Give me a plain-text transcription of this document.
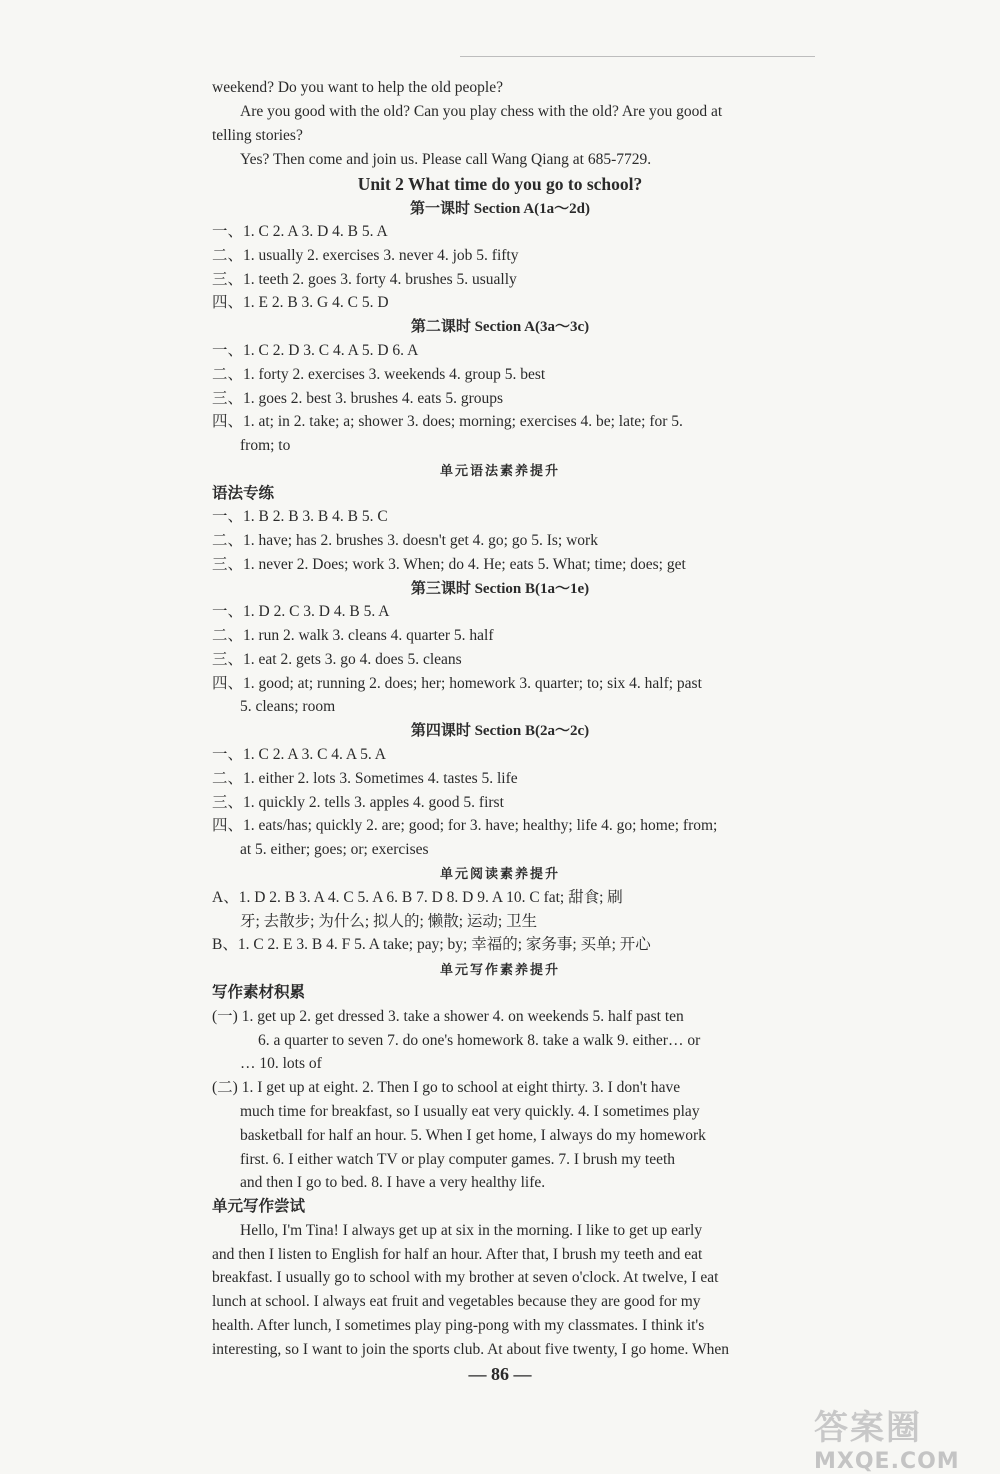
weekend? Do you want to help the old people?
Are you good with the old? Can you play chess with the old? Are you good at
telling stories?
Yes? Then come and join us. Please call Wang Qiang at 685-7729.
Unit 2 What time do you go to school?
第一课时 Section A(1a～2d)
一、1. C 2. A 3. D 4. B 5. A
二、1. usually 2. exercises 3. never 4. job 5. fifty
三、1. teeth 2. goes 3. forty 4. brushes 5. usually
四、1. E 2. B 3. G 4. C 5. D
第二课时 Section A(3a～3c)
一、1. C 2. D 3. C 4. A 5. D 6. A
二、1. forty 2. exercises 3. weekends 4. group 5. best
三、1. goes 2. best 3. brushes 4. eats 5. groups
四、1. at; in 2. take; a; shower 3. does; morning; exercises 4. be; late; for 5.
from; to
单元语法素养提升
语法专练
一、1. B 2. B 3. B 4. B 5. C
二、1. have; has 2. brushes 3. doesn't get 4. go; go 5. Is; work
三、1. never 2. Does; work 3. When; do 4. He; eats 5. What; time; does; get
第三课时 Section B(1a～1e)
一、1. D 2. C 3. D 4. B 5. A
二、1. run 2. walk 3. cleans 4. quarter 5. half
三、1. eat 2. gets 3. go 4. does 5. cleans
四、1. good; at; running 2. does; her; homework 3. quarter; to; six 4. half; past
5. cleans; room
第四课时 Section B(2a～2c)
一、1. C 2. A 3. C 4. A 5. A
二、1. either 2. lots 3. Sometimes 4. tastes 5. life
三、1. quickly 2. tells 3. apples 4. good 5. first
四、1. eats/has; quickly 2. are; good; for 3. have; healthy; life 4. go; home; from;
at 5. either; goes; or; exercises
单元阅读素养提升
A、1. D 2. B 3. A 4. C 5. A 6. B 7. D 8. D 9. A 10. C fat; 甜食; 刷
牙; 去散步; 为什么; 拟人的; 懒散; 运动; 卫生
B、1. C 2. E 3. B 4. F 5. A take; pay; by; 幸福的; 家务事; 买单; 开心
单元写作素养提升
写作素材积累
(一) 1. get up 2. get dressed 3. take a shower 4. on weekends 5. half past ten
6. a quarter to seven 7. do one's homework 8. take a walk 9. either… or
… 10. lots of
(二) 1. I get up at eight. 2. Then I go to school at eight thirty. 3. I don't have
much time for breakfast, so I usually eat very quickly. 4. I sometimes play
basketball for half an hour. 5. When I get home, I always do my homework
first. 6. I either watch TV or play computer games. 7. I brush my teeth
and then I go to bed. 8. I have a very healthy life.
单元写作尝试
Hello, I'm Tina! I always get up at six in the morning. I like to get up early
and then I listen to English for half an hour. After that, I brush my teeth and eat
breakfast. I usually go to school with my brother at seven o'clock. At twelve, I eat
lunch at school. I always eat fruit and vegetables because they are good for my
health. After lunch, I sometimes play ping-pong with my classmates. I think it's
interesting, so I want to join the sports club. At about five twenty, I go home. When
— 86 —
答案圈
MXQE.COM
